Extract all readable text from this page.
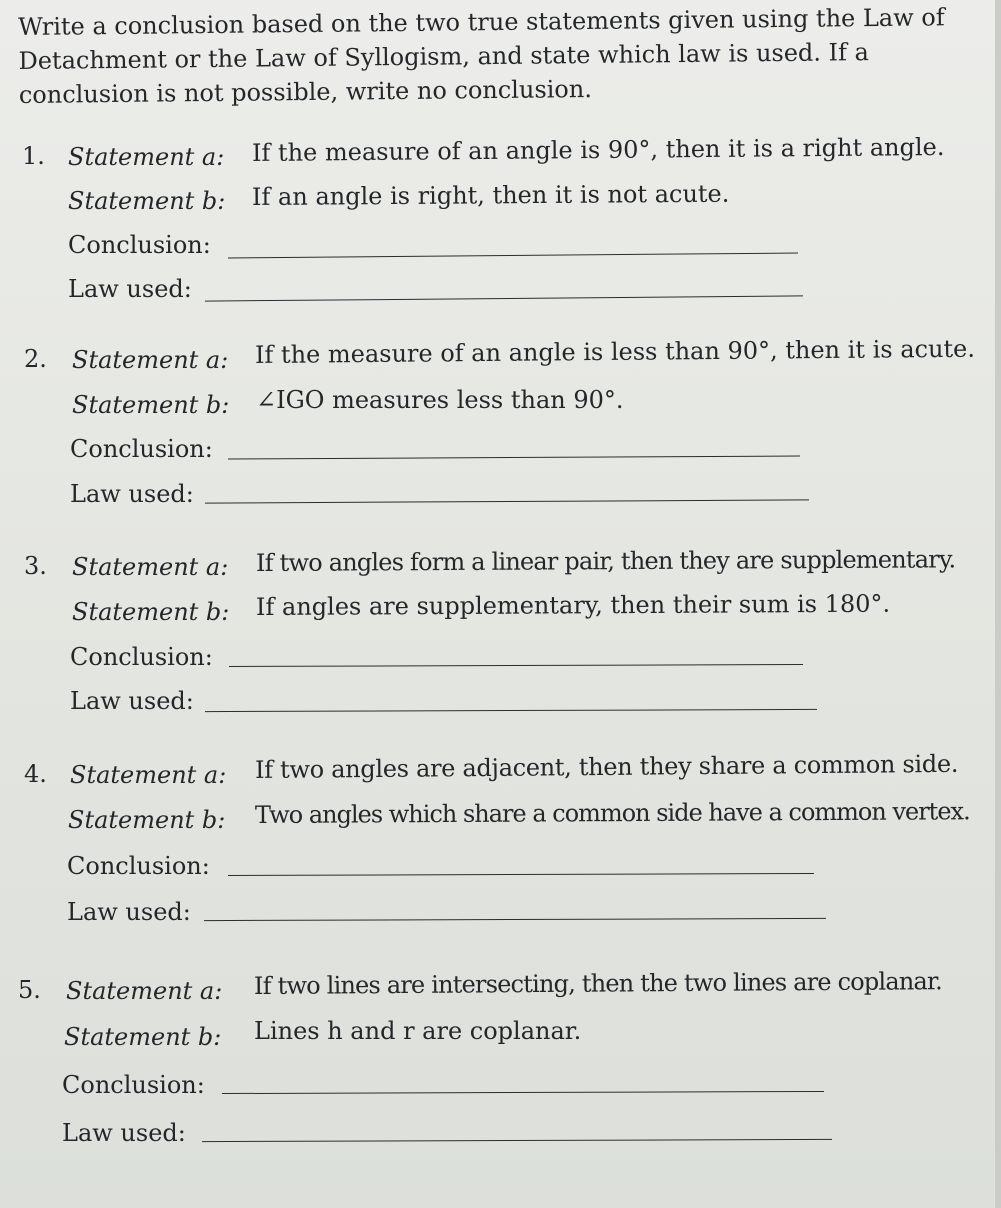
Write a conclusion based on the two true statements given using the Law of Detachment or the Law of Syllogism, and state which law is used. If a conclusion is not possible, write no conclusion.
1. Statement a: If the measure of an angle is 90°, then it is a right angle.
Statement b: If an angle is right, then it is not acute.
Conclusion:
Law used:
2. Statement a: If the measure of an angle is less than 90°, then it is acute.
Statement b: ∠IGO measures less than 90°.
Conclusion:
Law used:
3. Statement a: If two angles form a linear pair, then they are supplementary.
Statement b: If angles are supplementary, then their sum is 180°.
Conclusion:
Law used:
4. Statement a: If two angles are adjacent, then they share a common side.
Statement b: Two angles which share a common side have a common vertex.
Conclusion:
Law used:
5. Statement a: If two lines are intersecting, then the two lines are coplanar.
Statement b: Lines h and r are coplanar.
Conclusion:
Law used:
